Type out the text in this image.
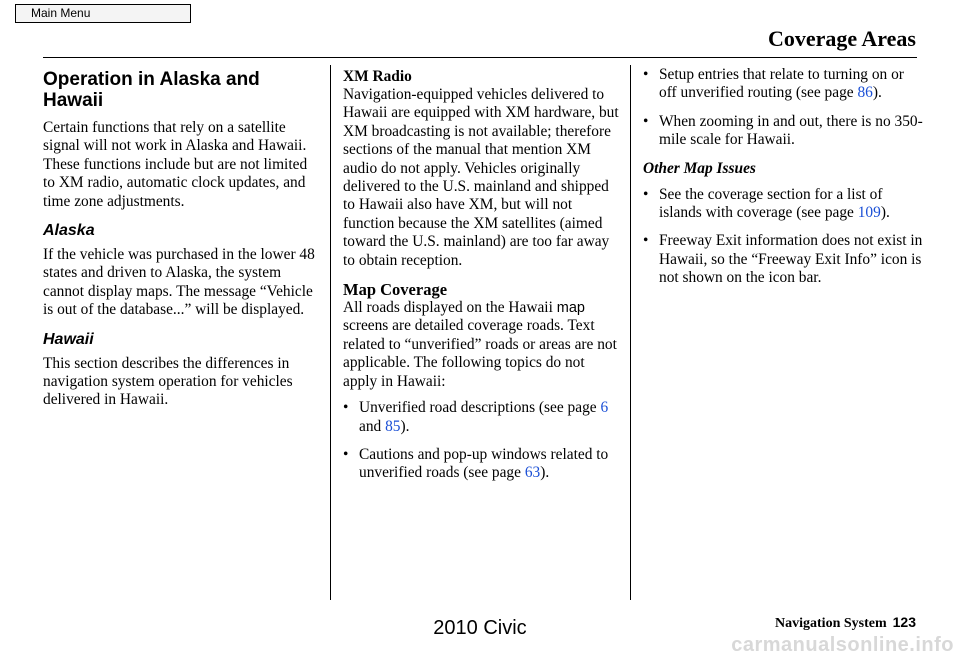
Main Menu
Coverage Areas
Operation in Alaska and Hawaii

Certain functions that rely on a satellite signal will not work in Alaska and Hawaii. These functions include but are not limited to XM radio, automatic clock updates, and time zone adjustments.

Alaska

If the vehicle was purchased in the lower 48 states and driven to Alaska, the system cannot display maps. The message “Vehicle is out of the database...” will be displayed.

Hawaii

This section describes the differences in navigation system operation for vehicles delivered in Hawaii.

XM Radio

Navigation-equipped vehicles delivered to Hawaii are equipped with XM hardware, but XM broadcasting is not available; therefore sections of the manual that mention XM audio do not apply. Vehicles originally delivered to the U.S. mainland and shipped to Hawaii also have XM, but will not function because the XM satellites (aimed toward the U.S. mainland) are too far away to obtain reception.

Map Coverage

All roads displayed on the Hawaii map screens are detailed coverage roads. Text related to “unverified” roads or areas are not applicable. The following topics do not apply in Hawaii:

• Unverified road descriptions (see page 6 and 85).
• Cautions and pop-up windows related to unverified roads (see page 63).
• Setup entries that relate to turning on or off unverified routing (see page 86).
• When zooming in and out, there is no 350-mile scale for Hawaii.
Other Map Issues
• See the coverage section for a list of islands with coverage (see page 109).
• Freeway Exit information does not exist in Hawaii, so the “Freeway Exit Info” icon is not shown on the icon bar.
2010 Civic	Navigation System 123
carmanualsonline.info
